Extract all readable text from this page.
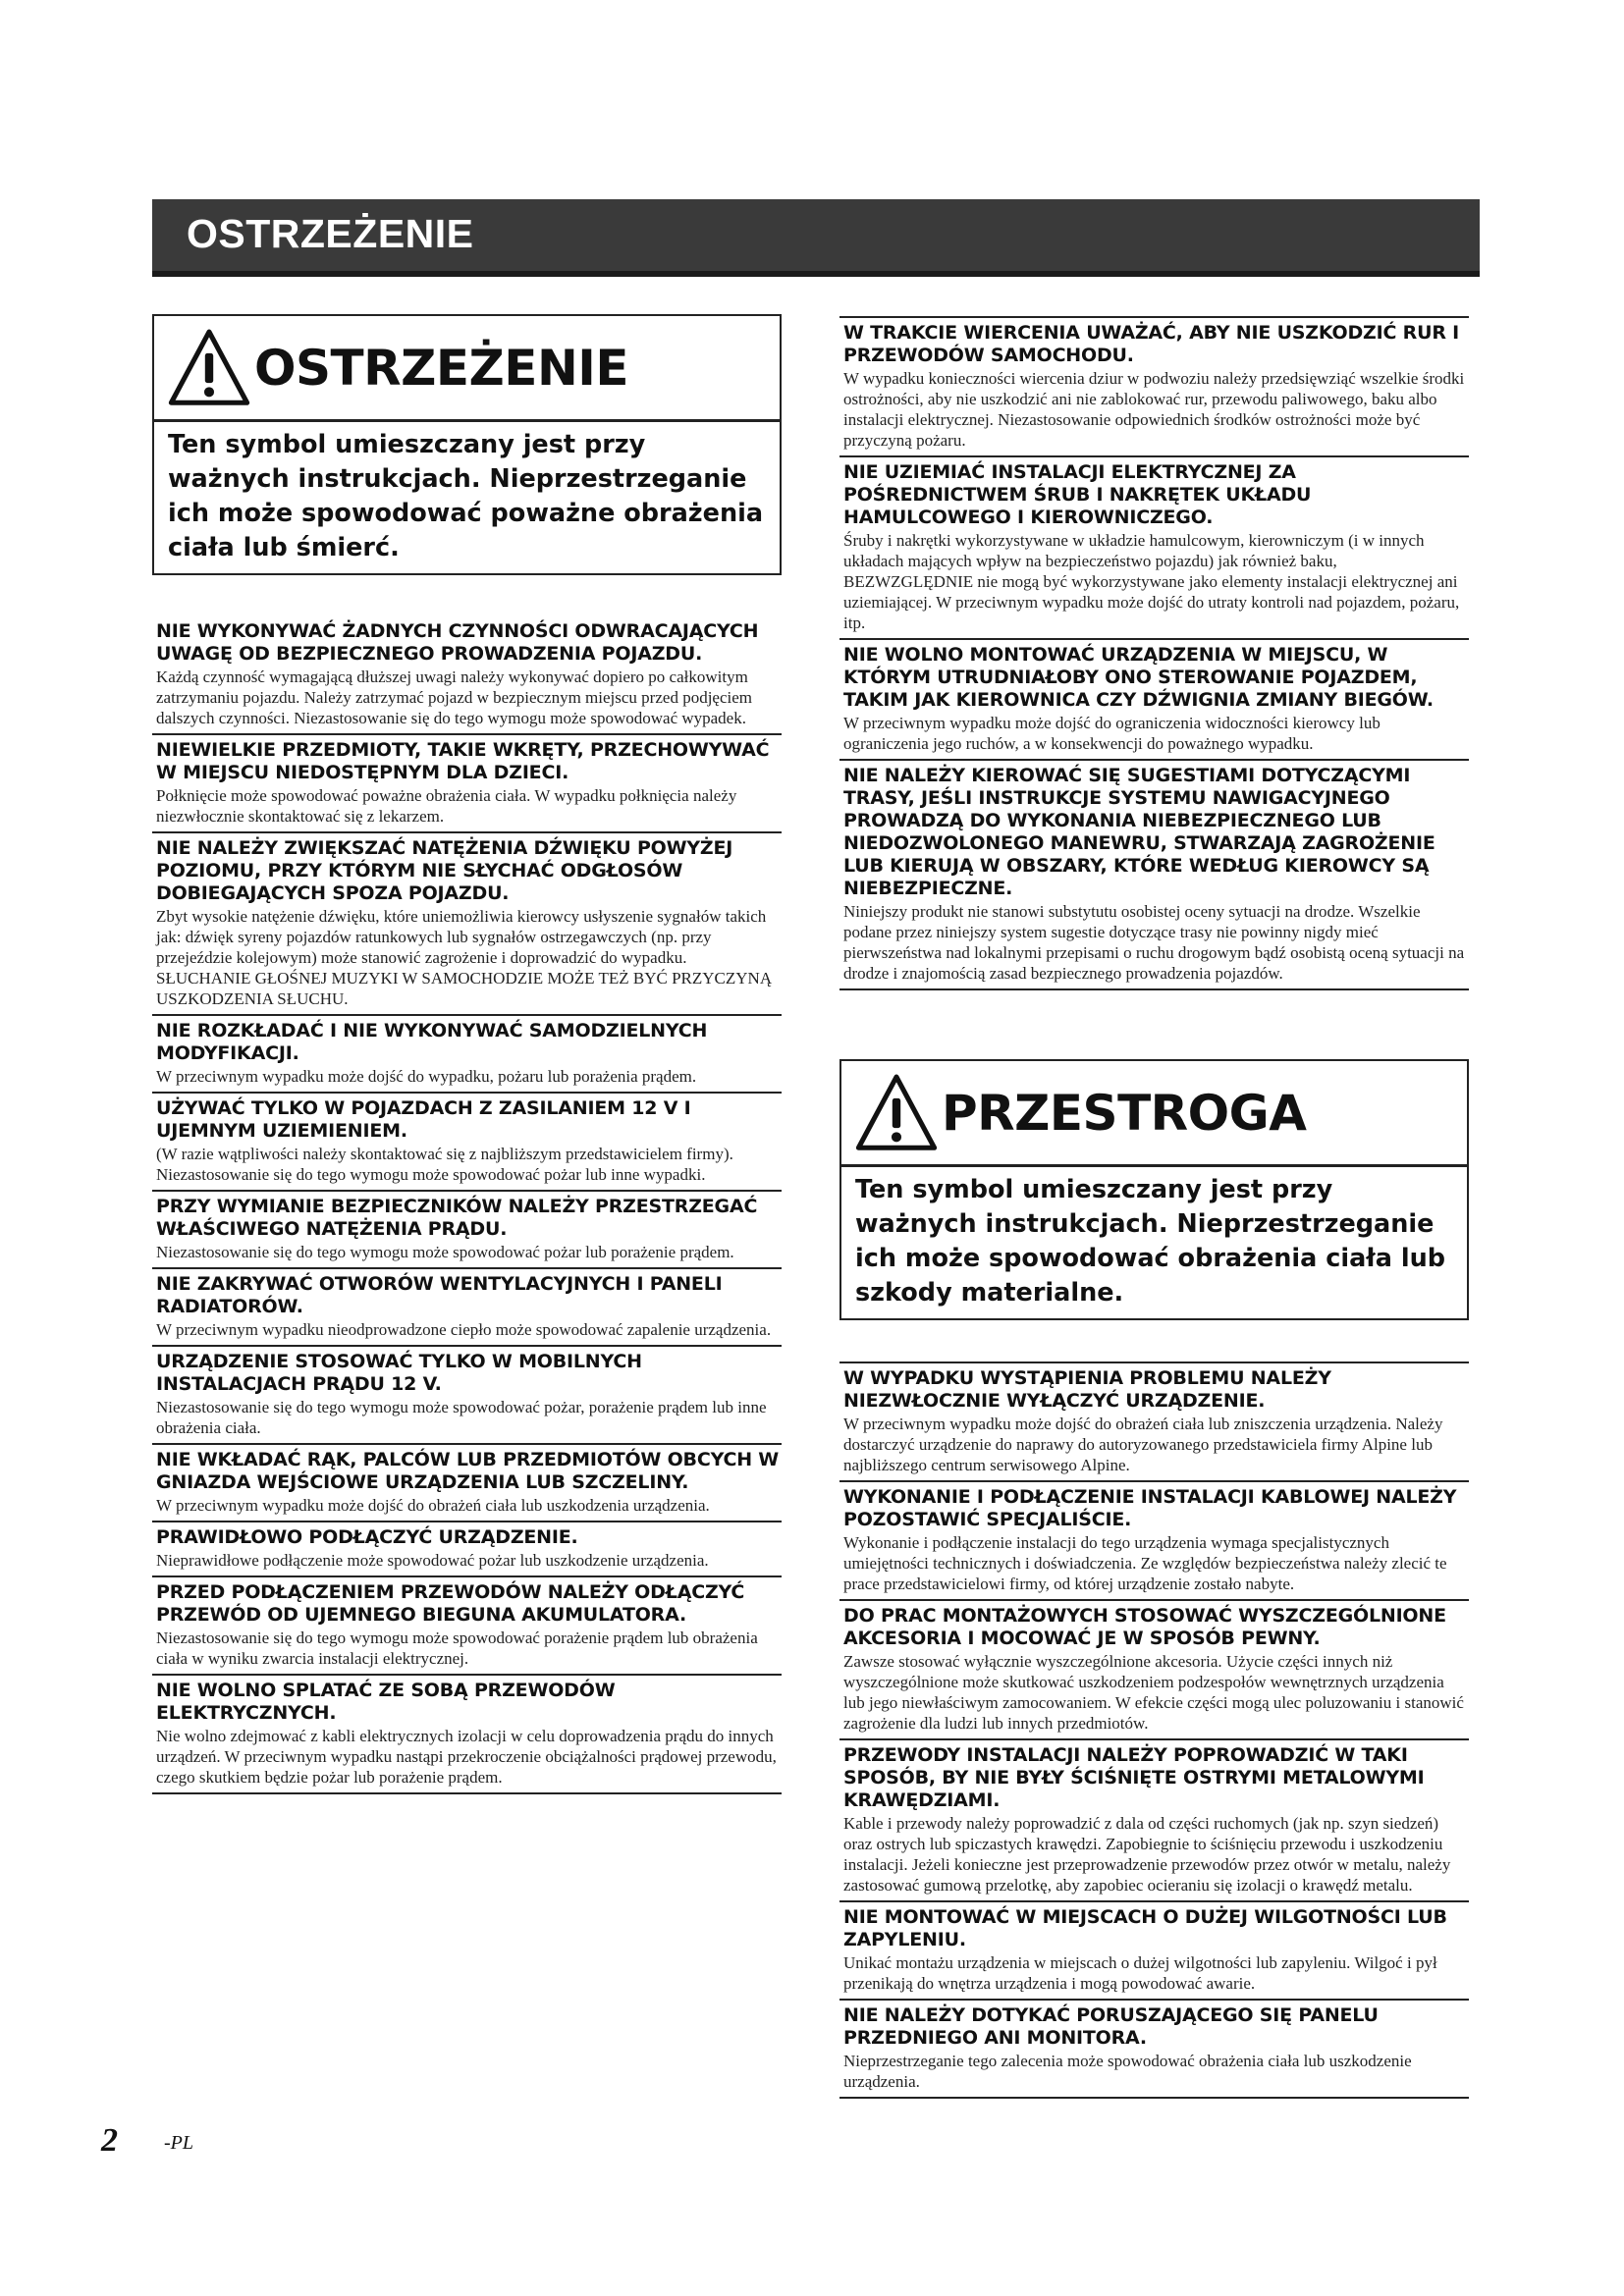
OSTRZEŻENIE
OSTRZEŻENIE
Ten symbol umieszczany jest przy ważnych instrukcjach. Nieprzestrzeganie ich może spowodować poważne obrażenia ciała lub śmierć.
NIE WYKONYWAĆ ŻADNYCH CZYNNOŚCI ODWRACAJĄCYCH UWAGĘ OD BEZPIECZNEGO PROWADZENIA POJAZDU.
Każdą czynność wymagającą dłuższej uwagi należy wykonywać dopiero po całkowitym zatrzymaniu pojazdu. Należy zatrzymać pojazd w bezpiecznym miejscu przed podjęciem dalszych czynności. Niezastosowanie się do tego wymogu może spowodować wypadek.
NIEWIELKIE PRZEDMIOTY, TAKIE WKRĘTY, PRZECHOWYWAĆ W MIEJSCU NIEDOSTĘPNYM DLA DZIECI.
Połknięcie może spowodować poważne obrażenia ciała. W wypadku połknięcia należy niezwłocznie skontaktować się z lekarzem.
NIE NALEŻY ZWIĘKSZAĆ NATĘŻENIA DŹWIĘKU POWYŻEJ POZIOMU, PRZY KTÓRYM NIE SŁYCHAĆ ODGŁOSÓW DOBIEGAJĄCYCH SPOZA POJAZDU.
Zbyt wysokie natężenie dźwięku, które uniemożliwia kierowcy usłyszenie sygnałów takich jak: dźwięk syreny pojazdów ratunkowych lub sygnałów ostrzegawczych (np. przy przejeździe kolejowym) może stanowić zagrożenie i doprowadzić do wypadku. SŁUCHANIE GŁOŚNEJ MUZYKI W SAMOCHODZIE MOŻE TEŻ BYĆ PRZYCZYNĄ USZKODZENIA SŁUCHU.
NIE ROZKŁADAĆ I NIE WYKONYWAĆ SAMODZIELNYCH MODYFIKACJI.
W przeciwnym wypadku może dojść do wypadku, pożaru lub porażenia prądem.
UŻYWAĆ TYLKO W POJAZDACH Z ZASILANIEM 12 V I UJEMNYM UZIEMIENIEM.
(W razie wątpliwości należy skontaktować się z najbliższym przedstawicielem firmy). Niezastosowanie się do tego wymogu może spowodować pożar lub inne wypadki.
PRZY WYMIANIE BEZPIECZNIKÓW NALEŻY PRZESTRZEGAĆ WŁAŚCIWEGO NATĘŻENIA PRĄDU.
Niezastosowanie się do tego wymogu może spowodować pożar lub porażenie prądem.
NIE ZAKRYWAĆ OTWORÓW WENTYLACYJNYCH I PANELI RADIATORÓW.
W przeciwnym wypadku nieodprowadzone ciepło może spowodować zapalenie urządzenia.
URZĄDZENIE STOSOWAĆ TYLKO W MOBILNYCH INSTALACJACH PRĄDU 12 V.
Niezastosowanie się do tego wymogu może spowodować pożar, porażenie prądem lub inne obrażenia ciała.
NIE WKŁADAĆ RĄK, PALCÓW LUB PRZEDMIOTÓW OBCYCH W GNIAZDA WEJŚCIOWE URZĄDZENIA LUB SZCZELINY.
W przeciwnym wypadku może dojść do obrażeń ciała lub uszkodzenia urządzenia.
PRAWIDŁOWO PODŁĄCZYĆ URZĄDZENIE.
Nieprawidłowe podłączenie może spowodować pożar lub uszkodzenie urządzenia.
PRZED PODŁĄCZENIEM PRZEWODÓW NALEŻY ODŁĄCZYĆ PRZEWÓD OD UJEMNEGO BIEGUNA AKUMULATORA.
Niezastosowanie się do tego wymogu może spowodować porażenie prądem lub obrażenia ciała w wyniku zwarcia instalacji elektrycznej.
NIE WOLNO SPLATAĆ ZE SOBĄ PRZEWODÓW ELEKTRYCZNYCH.
Nie wolno zdejmować z kabli elektrycznych izolacji w celu doprowadzenia prądu do innych urządzeń. W przeciwnym wypadku nastąpi przekroczenie obciążalności prądowej przewodu, czego skutkiem będzie pożar lub porażenie prądem.
W TRAKCIE WIERCENIA UWAŻAĆ, ABY NIE USZKODZIĆ RUR I PRZEWODÓW SAMOCHODU.
W wypadku konieczności wiercenia dziur w podwoziu należy przedsięwziąć wszelkie środki ostrożności, aby nie uszkodzić ani nie zablokować rur, przewodu paliwowego, baku albo instalacji elektrycznej. Niezastosowanie odpowiednich środków ostrożności może być przyczyną pożaru.
NIE UZIEMIAĆ INSTALACJI ELEKTRYCZNEJ ZA POŚREDNICTWEM ŚRUB I NAKRĘTEK UKŁADU HAMULCOWEGO I KIEROWNICZEGO.
Śruby i nakrętki wykorzystywane w układzie hamulcowym, kierowniczym (i w innych układach mających wpływ na bezpieczeństwo pojazdu) jak również baku, BEZWZGLĘDNIE nie mogą być wykorzystywane jako elementy instalacji elektrycznej ani uziemiającej. W przeciwnym wypadku może dojść do utraty kontroli nad pojazdem, pożaru, itp.
NIE WOLNO MONTOWAĆ URZĄDZENIA W MIEJSCU, W KTÓRYM UTRUDNIAŁOBY ONO STEROWANIE POJAZDEM, TAKIM JAK KIEROWNICA CZY DŹWIGNIA ZMIANY BIEGÓW.
W przeciwnym wypadku może dojść do ograniczenia widoczności kierowcy lub ograniczenia jego ruchów, a w konsekwencji do poważnego wypadku.
NIE NALEŻY KIEROWAĆ SIĘ SUGESTIAMI DOTYCZĄCYMI TRASY, JEŚLI INSTRUKCJE SYSTEMU NAWIGACYJNEGO PROWADZĄ DO WYKONANIA NIEBEZPIECZNEGO LUB NIEDOZWOLONEGO MANEWRU, STWARZAJĄ ZAGROŻENIE LUB KIERUJĄ W OBSZARY, KTÓRE WEDŁUG KIEROWCY SĄ NIEBEZPIECZNE.
Niniejszy produkt nie stanowi substytutu osobistej oceny sytuacji na drodze. Wszelkie podane przez niniejszy system sugestie dotyczące trasy nie powinny nigdy mieć pierwszeństwa nad lokalnymi przepisami o ruchu drogowym bądź osobistą oceną sytuacji na drodze i znajomością zasad bezpiecznego prowadzenia pojazdów.
PRZESTROGA
Ten symbol umieszczany jest przy ważnych instrukcjach. Nieprzestrzeganie ich może spowodować obrażenia ciała lub szkody materialne.
W WYPADKU WYSTĄPIENIA PROBLEMU NALEŻY NIEZWŁOCZNIE WYŁĄCZYĆ URZĄDZENIE.
W przeciwnym wypadku może dojść do obrażeń ciała lub zniszczenia urządzenia. Należy dostarczyć urządzenie do naprawy do autoryzowanego przedstawiciela firmy Alpine lub najbliższego centrum serwisowego Alpine.
WYKONANIE I PODŁĄCZENIE INSTALACJI KABLOWEJ NALEŻY POZOSTAWIĆ SPECJALIŚCIE.
Wykonanie i podłączenie instalacji do tego urządzenia wymaga specjalistycznych umiejętności technicznych i doświadczenia. Ze względów bezpieczeństwa należy zlecić te prace przedstawicielowi firmy, od której urządzenie zostało nabyte.
DO PRAC MONTAŻOWYCH STOSOWAĆ WYSZCZEGÓLNIONE AKCESORIA I MOCOWAĆ JE W SPOSÓB PEWNY.
Zawsze stosować wyłącznie wyszczególnione akcesoria. Użycie części innych niż wyszczególnione może skutkować uszkodzeniem podzespołów wewnętrznych urządzenia lub jego niewłaściwym zamocowaniem. W efekcie części mogą ulec poluzowaniu i stanowić zagrożenie dla ludzi lub innych przedmiotów.
PRZEWODY INSTALACJI NALEŻY POPROWADZIĆ W TAKI SPOSÓB, BY NIE BYŁY ŚCIŚNIĘTE OSTRYMI METALOWYMI KRAWĘDZIAMI.
Kable i przewody należy poprowadzić z dala od części ruchomych (jak np. szyn siedzeń) oraz ostrych lub spiczastych krawędzi. Zapobiegnie to ściśnięciu przewodu i uszkodzeniu instalacji. Jeżeli konieczne jest przeprowadzenie przewodów przez otwór w metalu, należy zastosować gumową przelotkę, aby zapobiec ocieraniu się izolacji o krawędź metalu.
NIE MONTOWAĆ W MIEJSCACH O DUŻEJ WILGOTNOŚCI LUB ZAPYLENIU.
Unikać montażu urządzenia w miejscach o dużej wilgotności lub zapyleniu. Wilgoć i pył przenikają do wnętrza urządzenia i mogą powodować awarie.
NIE NALEŻY DOTYKAĆ PORUSZAJĄCEGO SIĘ PANELU PRZEDNIEGO ANI MONITORA.
Nieprzestrzeganie tego zalecenia może spowodować obrażenia ciała lub uszkodzenie urządzenia.
2 -PL
